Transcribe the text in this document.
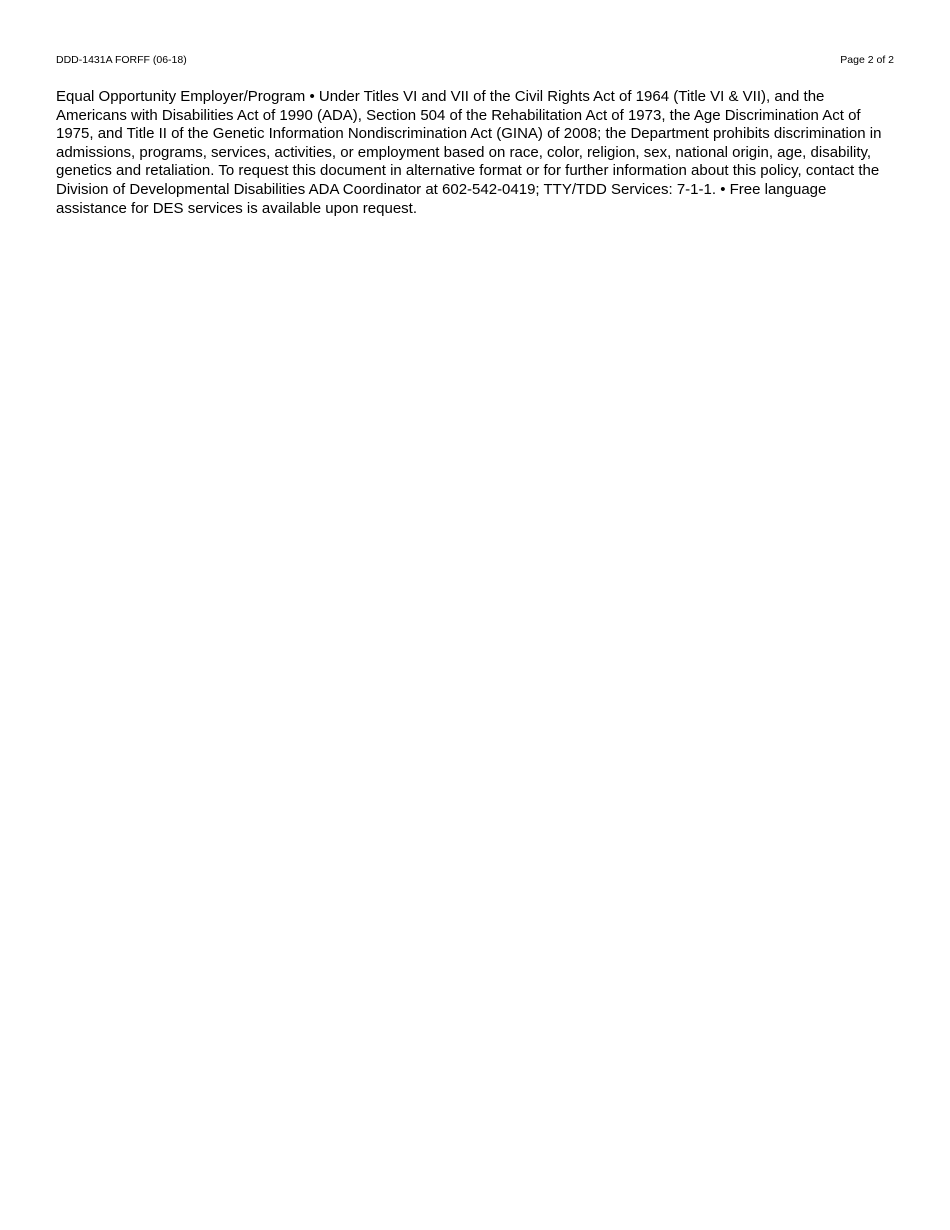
DDD-1431A FORFF (06-18)	Page 2 of 2

Equal Opportunity Employer/Program • Under Titles VI and VII of the Civil Rights Act of 1964 (Title VI & VII), and the Americans with Disabilities Act of 1990 (ADA), Section 504 of the Rehabilitation Act of 1973, the Age Discrimination Act of 1975, and Title II of the Genetic Information Nondiscrimination Act (GINA) of 2008; the Department prohibits discrimination in admissions, programs, services, activities, or employment based on race, color, religion, sex, national origin, age, disability, genetics and retaliation. To request this document in alternative format or for further information about this policy, contact the Division of Developmental Disabilities ADA Coordinator at 602-542-0419; TTY/TDD Services: 7-1-1. • Free language assistance for DES services is available upon request.
